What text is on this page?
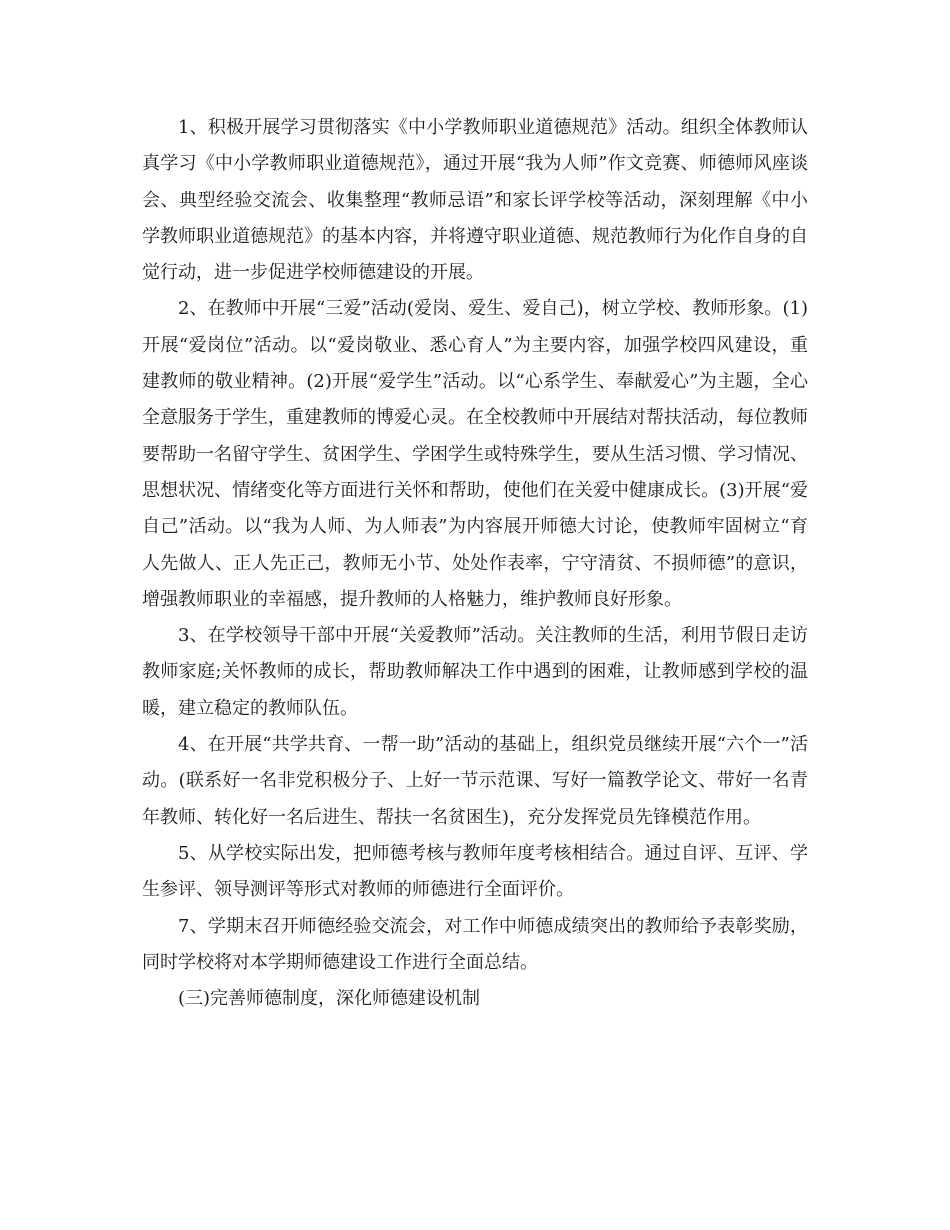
1、积极开展学习贯彻落实《中小学教师职业道德规范》活动。组织全体教师认真学习《中小学教师职业道德规范》，通过开展“我为人师”作文竞赛、师德师风座谈会、典型经验交流会、收集整理“教师忌语”和家长评学校等活动，深刻理解《中小学教师职业道德规范》的基本内容，并将遵守职业道德、规范教师行为化作自身的自觉行动，进一步促进学校师德建设的开展。

2、在教师中开展“三爱”活动(爱岗、爱生、爱自己)，树立学校、教师形象。(1)开展“爱岗位”活动。以“爱岗敬业、悉心育人”为主要内容，加强学校四风建设，重建教师的敬业精神。(2)开展“爱学生”活动。以“心系学生、奉献爱心”为主题，全心全意服务于学生，重建教师的博爱心灵。在全校教师中开展结对帮扶活动，每位教师要帮助一名留守学生、贫困学生、学困学生或特殊学生，要从生活习惯、学习情况、思想状况、情绪变化等方面进行关怀和帮助，使他们在关爱中健康成长。(3)开展“爱自己”活动。以“我为人师、为人师表”为内容展开师德大讨论，使教师牢固树立“育人先做人、正人先正己，教师无小节、处处作表率，宁守清贫、不损师德”的意识，增强教师职业的幸福感，提升教师的人格魅力，维护教师良好形象。

3、在学校领导干部中开展“关爱教师”活动。关注教师的生活，利用节假日走访教师家庭;关怀教师的成长，帮助教师解决工作中遇到的困难，让教师感到学校的温暖，建立稳定的教师队伍。

4、在开展“共学共育、一帮一助”活动的基础上，组织党员继续开展“六个一”活动。(联系好一名非党积极分子、上好一节示范课、写好一篇教学论文、带好一名青年教师、转化好一名后进生、帮扶一名贫困生)，充分发挥党员先锋模范作用。

5、从学校实际出发，把师德考核与教师年度考核相结合。通过自评、互评、学生参评、领导测评等形式对教师的师德进行全面评价。

7、学期末召开师德经验交流会，对工作中师德成绩突出的教师给予表彰奖励，同时学校将对本学期师德建设工作进行全面总结。

(三)完善师德制度，深化师德建设机制
